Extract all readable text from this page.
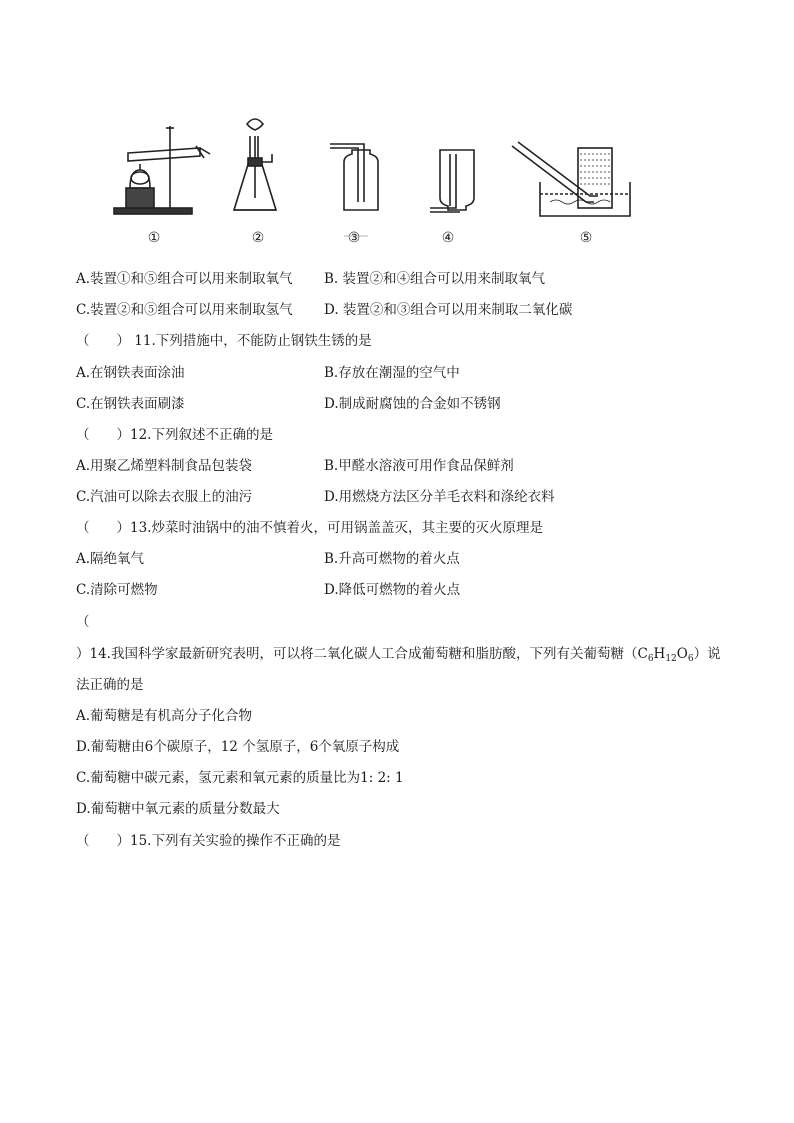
①	②	③	④	⑤
A.装置①和⑤组合可以用来制取氧气 B. 装置②和④组合可以用来制取氧气
C.装置②和⑤组合可以用来制取氢气 D. 装置②和③组合可以用来制取二氧化碳
（　　） 11.下列措施中，不能防止钢铁生锈的是
A.在钢铁表面涂油	B.存放在潮湿的空气中
C.在钢铁表面刷漆	D.制成耐腐蚀的合金如不锈钢
（　　）12.下列叙述不正确的是
A.用聚乙烯塑料制食品包装袋	B.甲醛水溶液可用作食品保鲜剂
C.汽油可以除去衣服上的油污	D.用燃烧方法区分羊毛衣料和涤纶衣料
（　　）13.炒菜时油锅中的油不慎着火，可用锅盖盖灭，其主要的灭火原理是
A.隔绝氧气	B.升高可燃物的着火点
C.清除可燃物	D.降低可燃物的着火点
（
）14.我国科学家最新研究表明，可以将二氧化碳人工合成葡萄糖和脂肪酸，下列有关葡萄糖$(C_6H_{12}O_6)$说
法正确的是
A.葡萄糖是有机高分子化合物
D.葡萄糖由6个碳原子，12 个氢原子，6个氧原子构成
C.葡萄糖中碳元素，氢元素和氧元素的质量比为1: 2: 1
D.葡萄糖中氧元素的质量分数最大
（　　）15.下列有关实验的操作不正确的是
